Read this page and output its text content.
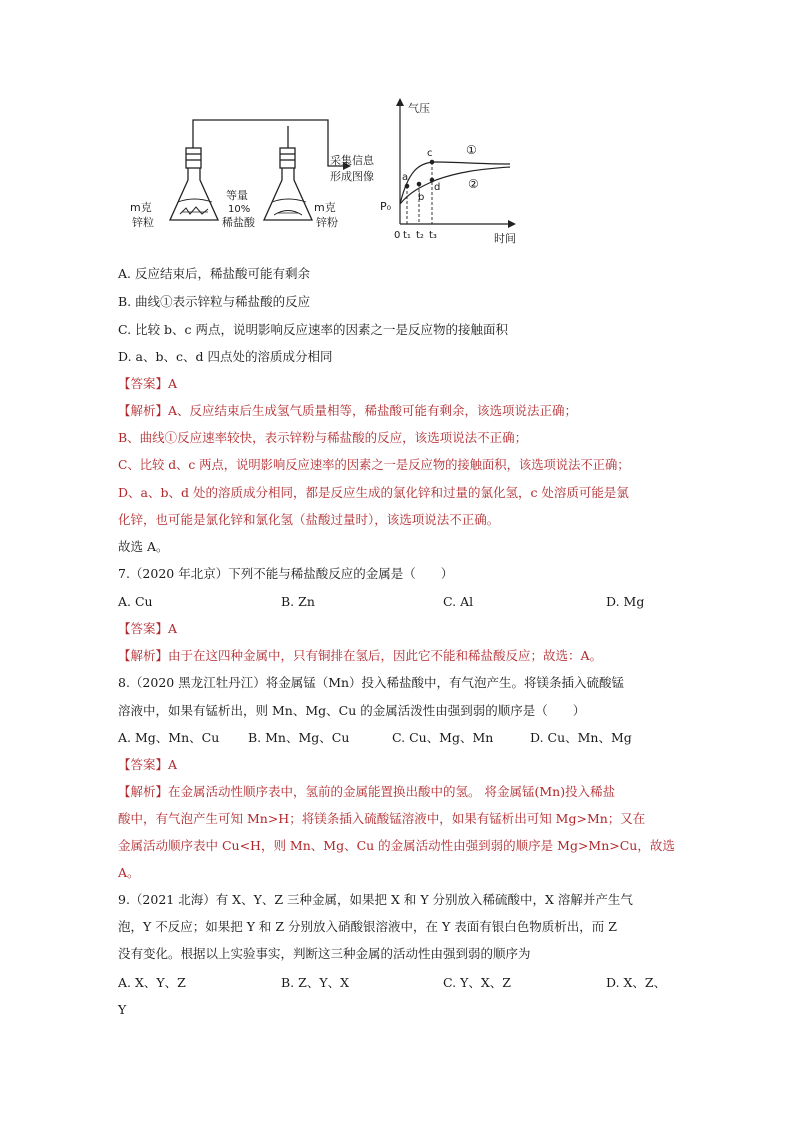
m克
锌粒
等量
10%
稀盐酸
m克
锌粉
采集信息
形成图像
气压
时间
P₀
0 t₁ t₂ t₃
a
b
c
d
①
②
A. 反应结束后，稀盐酸可能有剩余
B. 曲线①表示锌粒与稀盐酸的反应
C. 比较 b、c 两点，说明影响反应速率的因素之一是反应物的接触面积
D. a、b、c、d 四点处的溶质成分相同
【答案】A
【解析】A、反应结束后生成氢气质量相等，稀盐酸可能有剩余，该选项说法正确；
B、曲线①反应速率较快，表示锌粉与稀盐酸的反应，该选项说法不正确；
C、比较 d、c 两点，说明影响反应速率的因素之一是反应物的接触面积，该选项说法不正确；
D、a、b、d 处的溶质成分相同，都是反应生成的氯化锌和过量的氯化氢，c 处溶质可能是氯
化锌，也可能是氯化锌和氯化氢（盐酸过量时），该选项说法不正确。
故选 A。
7.（2020 年北京）下列不能与稀盐酸反应的金属是（　　）
A. Cu	B. Zn	C. Al	D. Mg
【答案】A
【解析】由于在这四种金属中，只有铜排在氢后，因此它不能和稀盐酸反应；故选：A。
8.（2020 黑龙江牡丹江）将金属锰（Mn）投入稀盐酸中，有气泡产生。将镁条插入硫酸锰
溶液中，如果有锰析出，则 Mn、Mg、Cu 的金属活泼性由强到弱的顺序是（　　）
A. Mg、Mn、Cu B. Mn、Mg、Cu	C. Cu、Mg、Mn	D. Cu、Mn、Mg
【答案】A
【解析】在金属活动性顺序表中，氢前的金属能置换出酸中的氢。 将金属锰(Mn)投入稀盐
酸中，有气泡产生可知 Mn>H；将镁条插入硫酸锰溶液中，如果有锰析出可知 Mg>Mn；又在
金属活动顺序表中 Cu<H，则 Mn、Mg、Cu 的金属活动性由强到弱的顺序是 Mg>Mn>Cu，故选
A。
9.（2021 北海）有 X、Y、Z 三种金属，如果把 X 和 Y 分别放入稀硫酸中，X 溶解并产生气
泡，Y 不反应；如果把 Y 和 Z 分别放入硝酸银溶液中，在 Y 表面有银白色物质析出，而 Z
没有变化。根据以上实验事实，判断这三种金属的活动性由强到弱的顺序为
A. X、Y、Z	B. Z、Y、X	C. Y、X、Z	D. X、Z、
Y
